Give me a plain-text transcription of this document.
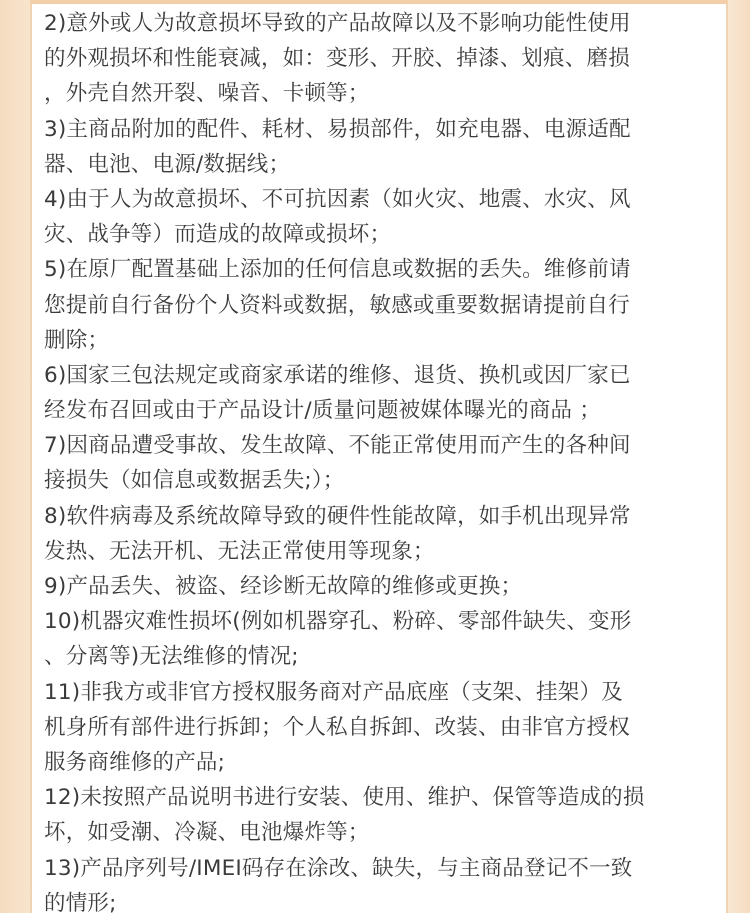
2)意外或人为故意损坏导致的产品故障以及不影响功能性使用
的外观损坏和性能衰减，如：变形、开胶、掉漆、划痕、磨损
，外壳自然开裂、噪音、卡顿等；
3)主商品附加的配件、耗材、易损部件，如充电器、电源适配
器、电池、电源/数据线；
4)由于人为故意损坏、不可抗因素（如火灾、地震、水灾、风
灾、战争等）而造成的故障或损坏；
5)在原厂配置基础上添加的任何信息或数据的丢失。维修前请
您提前自行备份个人资料或数据，敏感或重要数据请提前自行
删除；
6)国家三包法规定或商家承诺的维修、退货、换机或因厂家已
经发布召回或由于产品设计/质量问题被媒体曝光的商品 ；
7)因商品遭受事故、发生故障、不能正常使用而产生的各种间
接损失（如信息或数据丢失;）；
8)软件病毒及系统故障导致的硬件性能故障，如手机出现异常
发热、无法开机、无法正常使用等现象；
9)产品丢失、被盗、经诊断无故障的维修或更换；
10)机器灾难性损坏(例如机器穿孔、粉碎、零部件缺失、变形
、分离等)无法维修的情况;
11)非我方或非官方授权服务商对产品底座（支架、挂架）及
机身所有部件进行拆卸；个人私自拆卸、改装、由非官方授权
服务商维修的产品;
12)未按照产品说明书进行安装、使用、维护、保管等造成的损
坏，如受潮、冷凝、电池爆炸等；
13)产品序列号/IMEI码存在涂改、缺失，与主商品登记不一致
的情形;
